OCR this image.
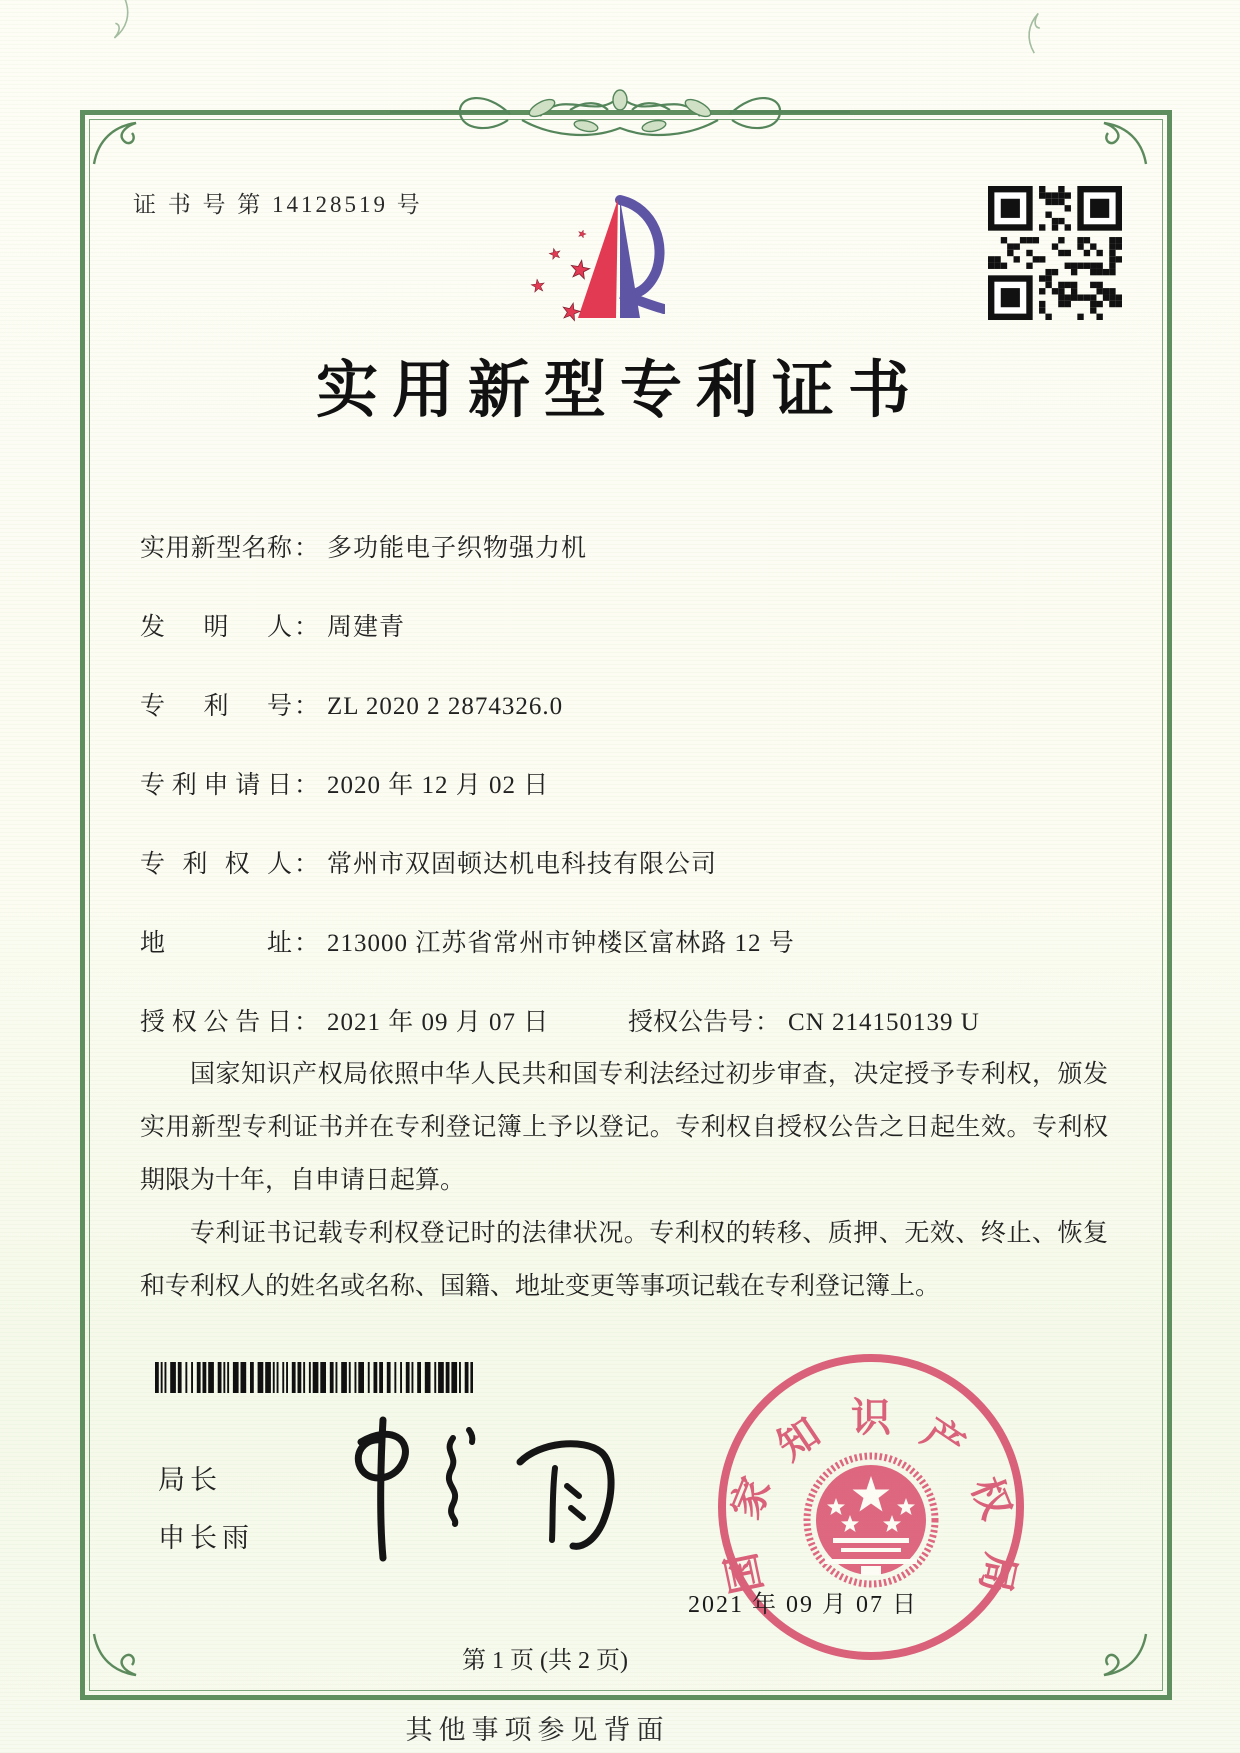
证 书 号 第 14128519 号
实用新型专利证书
实用新型名称 ： 多功能电子织物强力机
发明人 ： 周建青
专利号 ： ZL 2020 2 2874326.0
专利申请日 ： 2020 年 12 月 02 日
专利权人 ： 常州市双固顿达机电科技有限公司
地址 ： 213000 江苏省常州市钟楼区富林路 12 号
授权公告日 ： 2021 年 09 月 07 日	授权公告号 ： CN 214150139 U

国家知识产权局依照中华人民共和国专利法经过初步审查，决定授予专利权，颁发实用新型专利证书并在专利登记簿上予以登记。专利权自授权公告之日起生效。专利权期限为十年，自申请日起算。

专利证书记载专利权登记时的法律状况。专利权的转移、质押、无效、终止、恢复和专利权人的姓名或名称、国籍、地址变更等事项记载在专利登记簿上。

局长
申长雨
国家知识产权局
2021 年 09 月 07 日
第 1 页 (共 2 页)
其他事项参见背面
